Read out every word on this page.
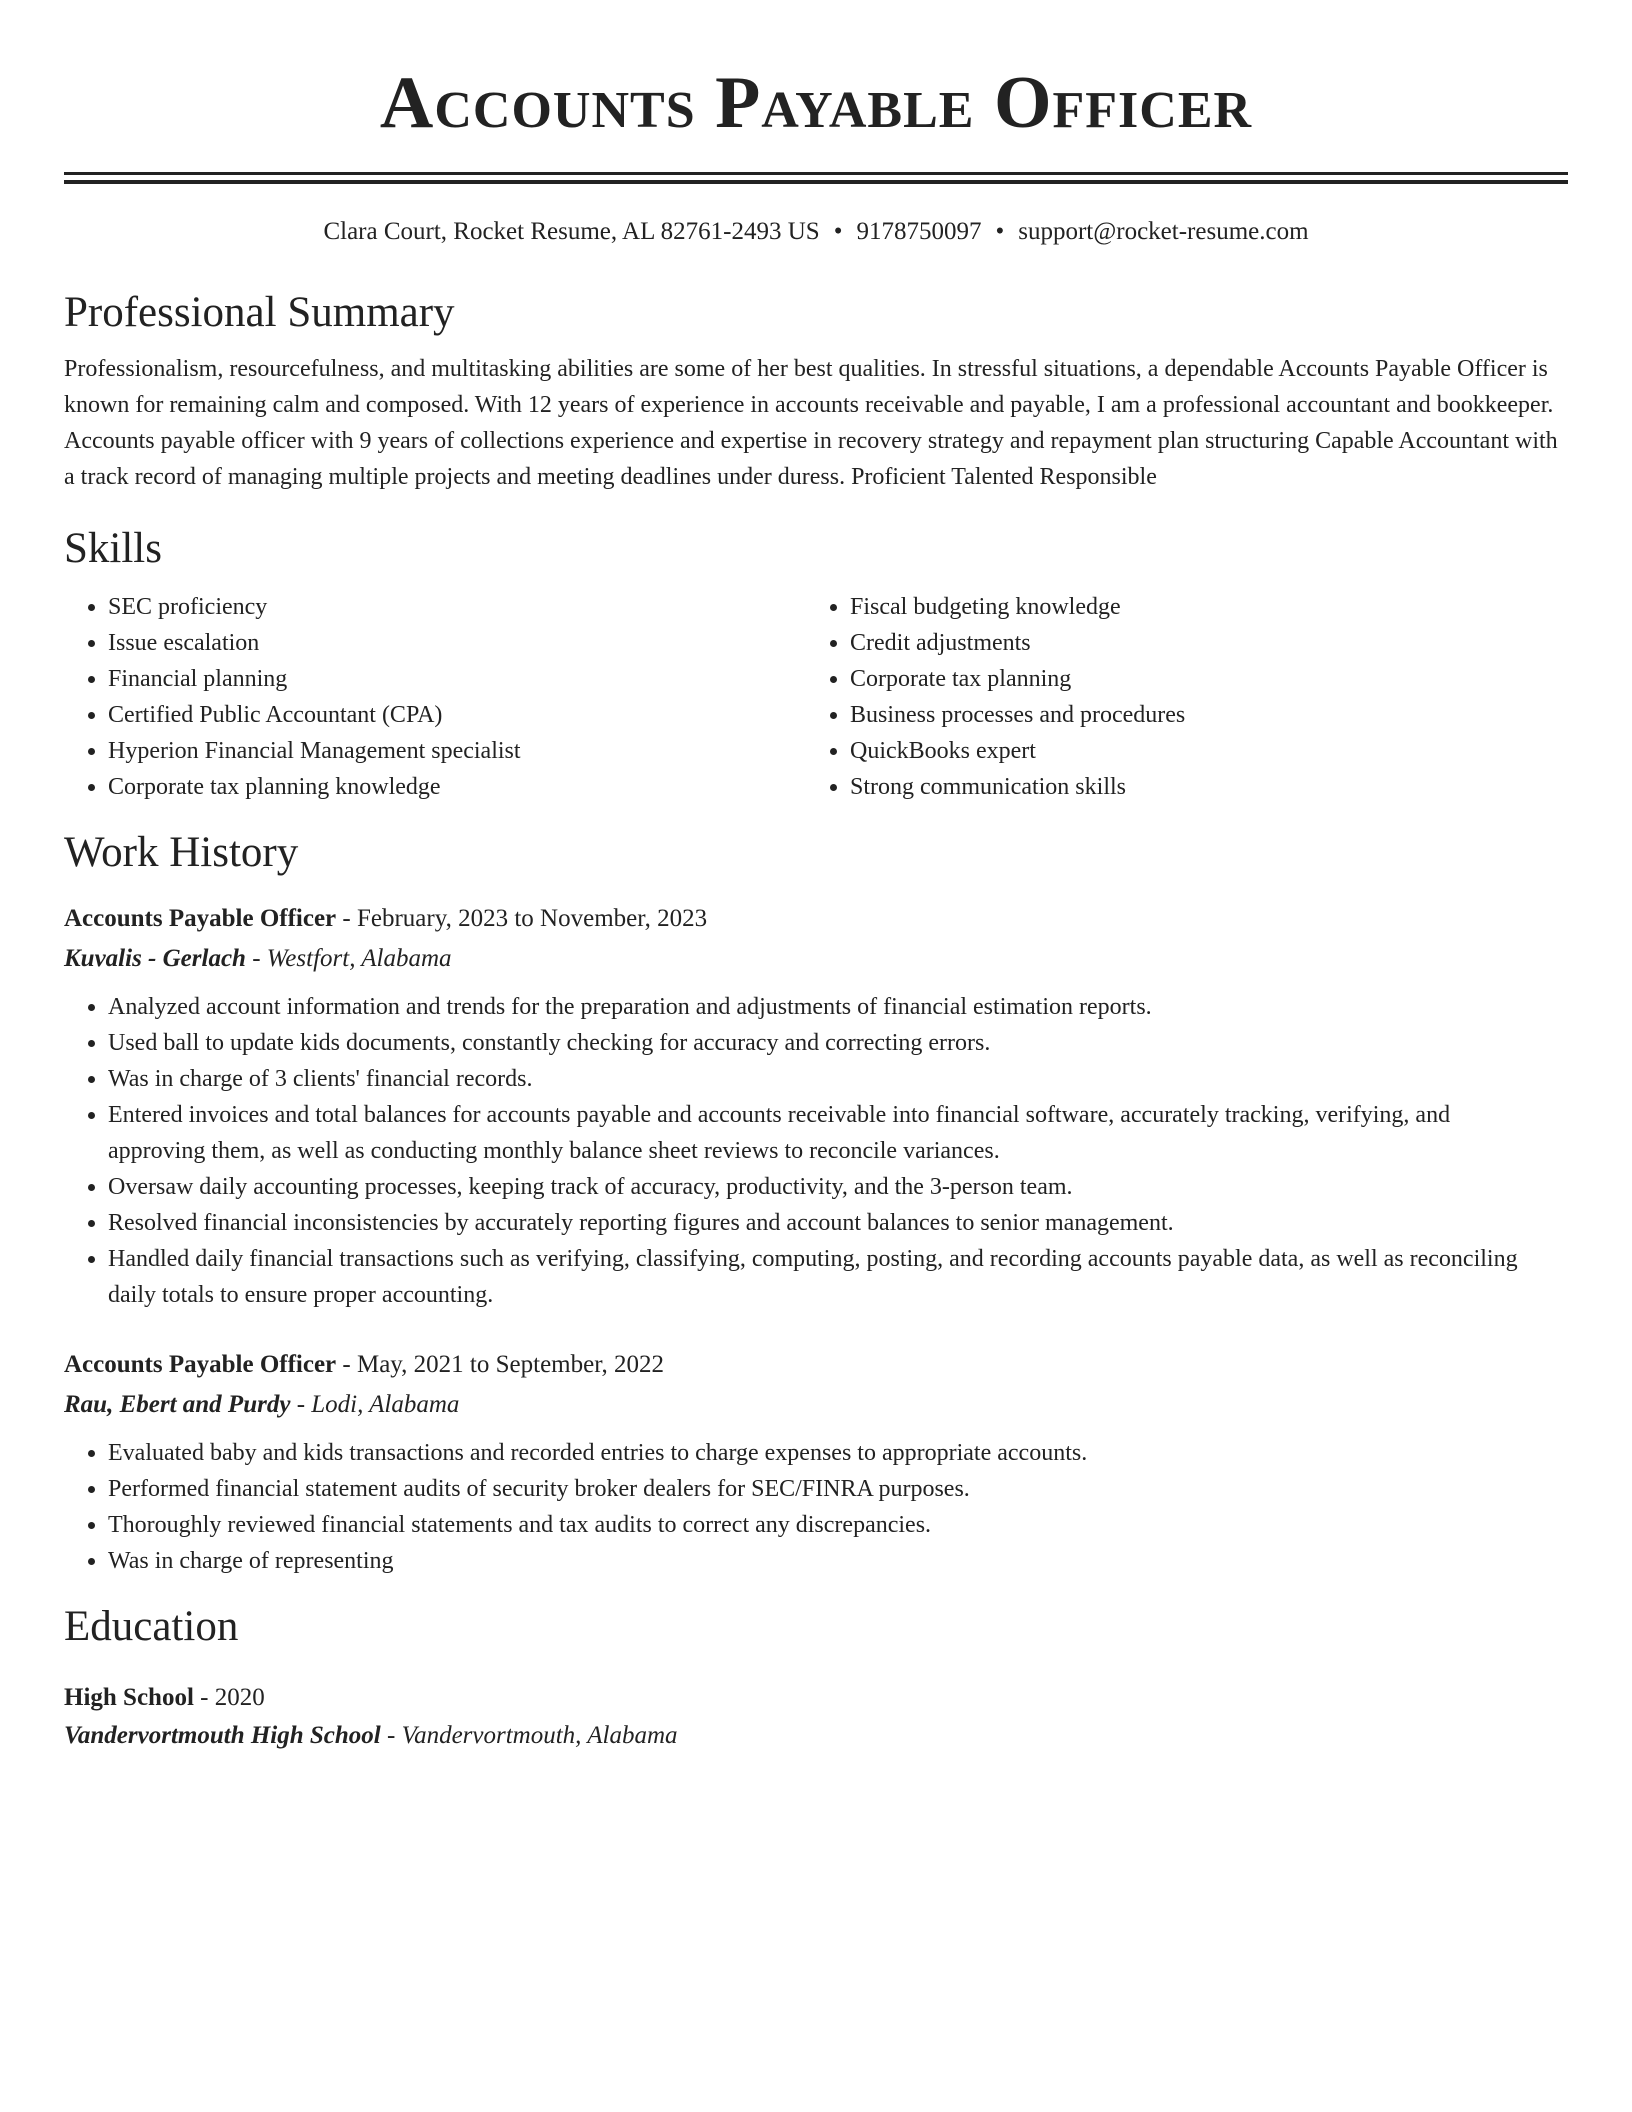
Accounts Payable Officer
Clara Court, Rocket Resume, AL 82761-2493 US • 9178750097 • support@rocket-resume.com
Professional Summary

Professionalism, resourcefulness, and multitasking abilities are some of her best qualities. In stressful situations, a dependable Accounts Payable Officer is known for remaining calm and composed. With 12 years of experience in accounts receivable and payable, I am a professional accountant and bookkeeper. Accounts payable officer with 9 years of collections experience and expertise in recovery strategy and repayment plan structuring Capable Accountant with a track record of managing multiple projects and meeting deadlines under duress. Proficient Talented Responsible

Skills
• SEC proficiency
• Issue escalation
• Financial planning
• Certified Public Accountant (CPA)
• Hyperion Financial Management specialist
• Corporate tax planning knowledge
• Fiscal budgeting knowledge
• Credit adjustments
• Corporate tax planning
• Business processes and procedures
• QuickBooks expert
• Strong communication skills
Work History
Accounts Payable Officer - February, 2023 to November, 2023
Kuvalis - Gerlach - Westfort, Alabama
• Analyzed account information and trends for the preparation and adjustments of financial estimation reports.
• Used ball to update kids documents, constantly checking for accuracy and correcting errors.
• Was in charge of 3 clients' financial records.
• Entered invoices and total balances for accounts payable and accounts receivable into financial software, accurately tracking, verifying, and approving them, as well as conducting monthly balance sheet reviews to reconcile variances.
• Oversaw daily accounting processes, keeping track of accuracy, productivity, and the 3-person team.
• Resolved financial inconsistencies by accurately reporting figures and account balances to senior management.
• Handled daily financial transactions such as verifying, classifying, computing, posting, and recording accounts payable data, as well as reconciling daily totals to ensure proper accounting.
Accounts Payable Officer - May, 2021 to September, 2022
Rau, Ebert and Purdy - Lodi, Alabama
• Evaluated baby and kids transactions and recorded entries to charge expenses to appropriate accounts.
• Performed financial statement audits of security broker dealers for SEC/FINRA purposes.
• Thoroughly reviewed financial statements and tax audits to correct any discrepancies.
• Was in charge of representing
Education
High School - 2020
Vandervortmouth High School - Vandervortmouth, Alabama
